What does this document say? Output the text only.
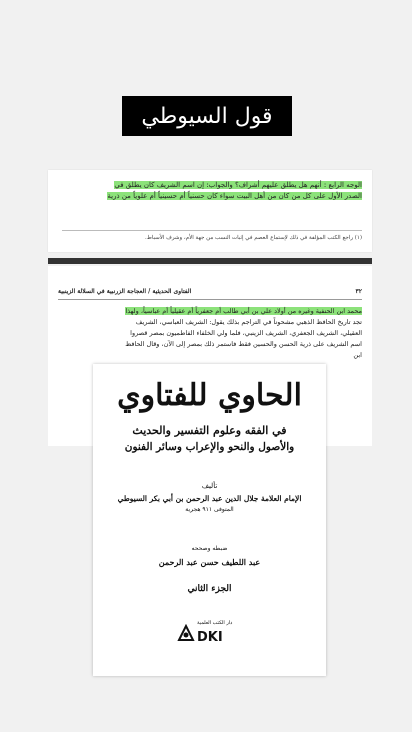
قول السيوطي
الوجه الرابع : أنهم هل يطلق عليهم أشراف؟ والجواب: إن اسم الشريف كان يطلق في
الصدر الأول على كل من كان من أهل البيت سواء كان حسنياً أم حسينياً أم علوياً من ذرية
(١) راجع الكتب المؤلفة في ذلك لإستماع العصم في إثبات النسب من جهة الأم، وشرف الأسباط.
٣٢
الفتاوى الحديثية / العجاجة الزرنبية في السلالة الزينبية
محمد ابن الحنفية وغيره من أولاد علي بن أبي طالب أم جعفرياً أم عقيلياً أم عباسياً، ولهذا
تجد تاريخ الحافظ الذهبي مشحوناً في التراجم بذلك يقول: الشريف العباسي، الشريف
العقيلي، الشريف الجعفري، الشريف الزينبي، فلما ولي الخلفاء الفاطميون بمصر قصروا
اسم الشريف على ذرية الحسن والحسين فقط فاستمر ذلك بمصر إلى الآن، وقال الحافظ
ابن
الحاوي للفتاوي
في الفقه وعلوم التفسير والحديث
والأصول والنحو والإعراب وسائر الفنون
تأليف
الإمام العلامة جلال الدين عبد الرحمن بن أبي بكر السيوطي
المتوفى ٩١١ هجرية
ضبطه وصححه
عبد اللطيف حسن عبد الرحمن
الجزء الثاني
دار الكتب العلمية
DKI
